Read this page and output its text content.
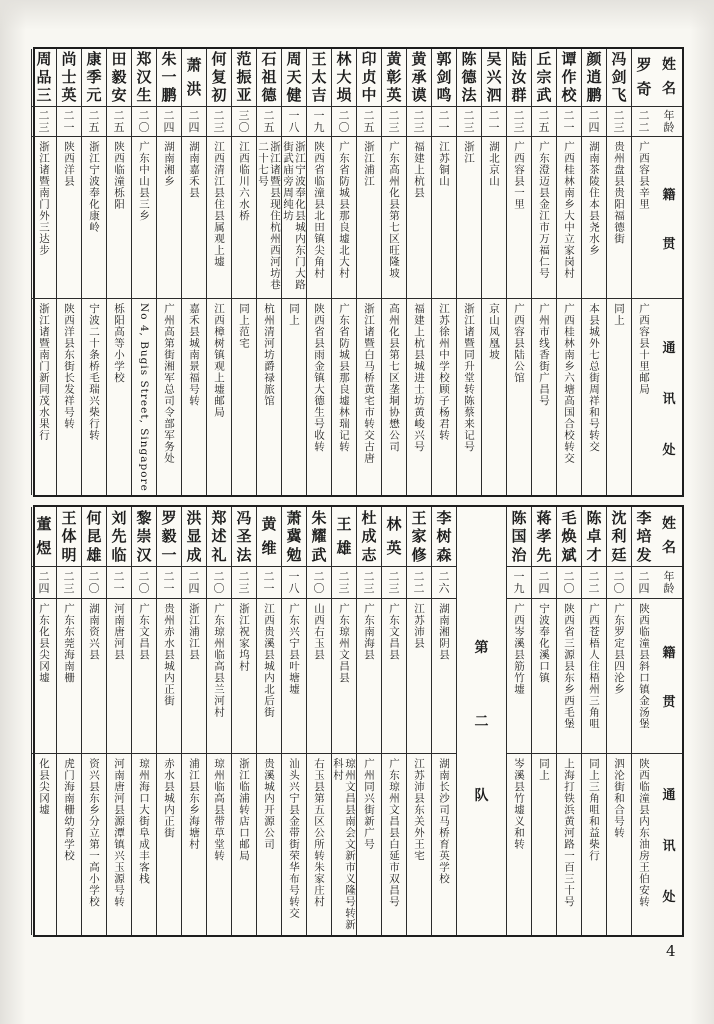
姓
名
年
龄
籍
贯
通
讯
处
罗
奇
二
二
广西容县辛里
广西容县十里邮局
冯
剑
飞
二
三
贵州盘县贵阳福德街
同上
颜
逍
鹏
二
四
湖南茶陵住本县尧水乡
本县城外七总街周祥和号转交
谭
作
校
二
一
广西桂林南乡大中立家岗村
广西桂林南乡六塘高国合校转交
丘
宗
武
二
五
广东澄迈县金江市万福仁号
广州市线香街广昌号
陆
汝
群
二
三
广西容县一里
广西容县陆公馆
吴
兴
泗
二
一
湖北京山
京山凤凰坡
陈
德
法
二
三
浙江
浙江诸暨同升堂转陈蔡来记号
郭
剑
鸣
二
一
江苏铜山
江苏徐州中学校顾子杨君转
黄
承
谟
二
三
福建上杭县
福建上杭县城进士坊黄峻兴号
黄
彰
英
二
三
广东高州化县第七区旺隆坡
高州化县第七区垄垌协懋公司
印
贞
中
二
五
浙江浦江
浙江诸暨白马桥黄宅市转交古唐
林
大
埙
二
〇
广东省防城县那良墟北大村
广东省防城县那良墟林瑞记转
王
太
吉
一
九
陕西省临潼县北田镇尖角村
陕西省县雨金镇大德生号收转
周
天
健
一
八
浙江宁波奉化县城内东门大路街武庙旁周纯坊
同上
石
祖
德
二
五
浙江诸暨县现住杭州西河坊巷二十七号
杭州清河坊爵禄旅馆
范
振
亚
三
〇
江西临川六水桥
同上范宅
何
复
初
二
三
江西清江县住县属观上墟
江西樟树镇观上墟邮局
萧
洪
二
四
湖南嘉禾县
嘉禾县城南景福号转
朱
一
鹏
二
四
湖南湘乡
广州高第街湘军总司令部军务处
郑
汉
生
二
〇
广东中山县三乡
No 4, Bugis Street, Singapore
田
毅
安
二
五
陕西临潼栎阳
栎阳高等小学校
康
季
元
二
五
浙江宁波奉化康岭
宁波二十条桥毛瑞兴柴行转
尚
士
英
二
一
陕西洋县
陕西洋县东街长发祥号转
周
品
三
二
三
浙江诸暨南门外三达步
浙江诸暨南门新同茂水果行
姓
名
年
龄
籍
贯
通
讯
处
李
培
发
二
四
陕西临潼县斜口镇金汤堡
陕西临潼县内东油房王伯安转
沈
利
廷
二
〇
广东罗定县四沦乡
泗沦街和合号转
陈
卓
才
二
二
广西苍梧人住梧州三角咀
同上三角咀和益柴行
毛
焕
斌
二
〇
陕西省三源县东乡西毛堡
上海打铁浜黄河路一百三十号
蒋
孝
先
二
四
宁波奉化溪口镇
同上
陈
国
治
一
九
广西岑溪县筋竹墟
岑溪县竹墟义和转
第
二
队
李
树
森
二
六
湖南湘阴县
湖南长沙司马桥育英学校
王
家
修
二
二
江苏沛县
江苏沛县东关外王宅
林
英
二
三
广东文昌县
广东琼州文昌县白延市双昌号
杜
成
志
二
三
广东南海县
广州同兴街新广号
王
雄
二
三
广东琼州文昌县
琼州文昌县南会文新市义隆号转新科村
朱
耀
武
二
〇
山西右玉县
右玉县第五区公所转朱家庄村
萧
冀
勉
一
八
广东兴宁县叶塘墟
汕头兴宁县金带街荣华布号转交
黄
维
二
一
江西贵溪县城内北后街
贵溪城内开源公司
冯
圣
法
二
三
浙江祝家坞村
浙江临浦转店口邮局
郑
述
礼
二
〇
广东琼州临高县兰河村
琼州临高县带草堂转
洪
显
成
二
四
浙江浦江县
浦江县东乡海塘村
罗
毅
一
二
一
贵州赤水县城内正街
赤水县城内正街
黎
崇
汉
二
〇
广东文昌县
琼州海口大街阜成丰客栈
刘
先
临
二
一
河南唐河县
河南唐河县源潭镇兴玉源号转
何
昆
雄
二
〇
湖南资兴县
资兴县东乡分立第一高小学校
王
体
明
二
三
广东东莞海南栅
虎门海南栅幼育学校
董
煜
二
四
广东化县尖冈墟
化县尖冈墟
4
